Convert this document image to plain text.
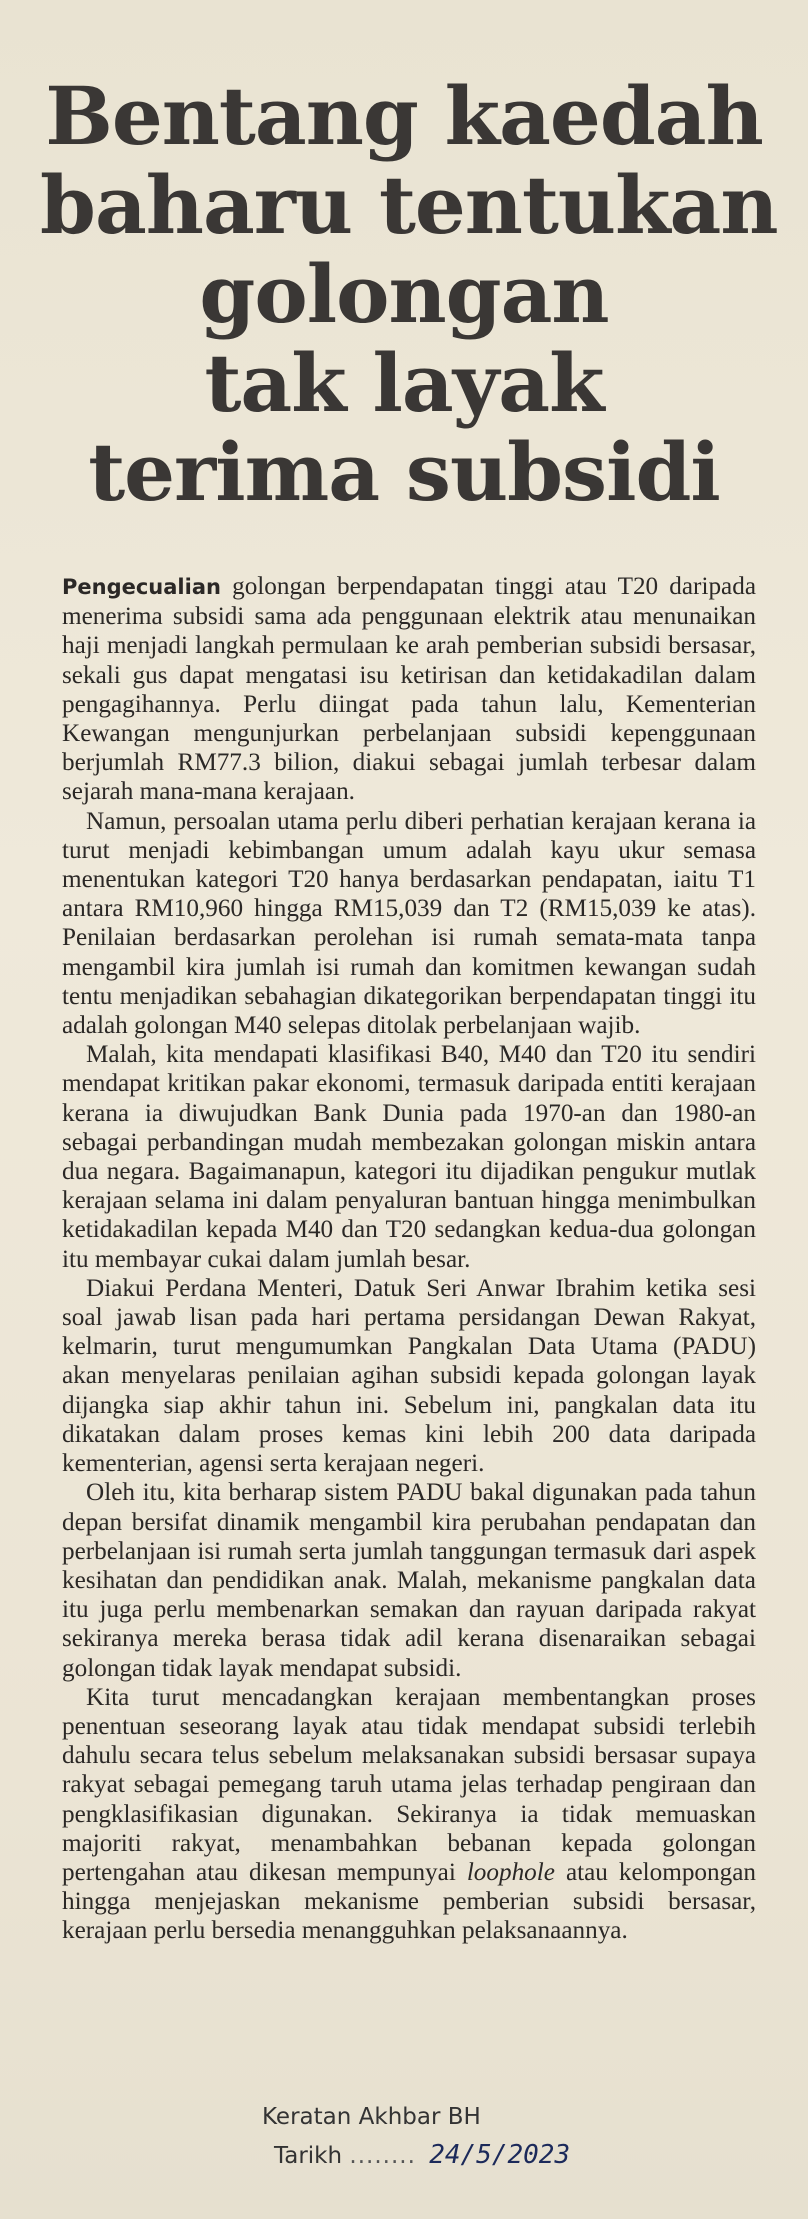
Bentang kaedah
baharu tentukan
golongan
tak layak
terima subsidi

Pengecualian golongan berpendapatan tinggi atau T20 daripada menerima subsidi sama ada penggunaan elektrik atau menunaikan haji menjadi langkah permulaan ke arah pemberian subsidi bersasar, sekali gus dapat mengatasi isu ketirisan dan ketidakadilan dalam pengagihannya. Perlu diingat pada tahun lalu, Kementerian Kewangan mengunjurkan perbelanjaan subsidi kepenggunaan berjumlah RM77.3 bilion, diakui sebagai jumlah terbesar dalam sejarah mana-mana kerajaan.

Namun, persoalan utama perlu diberi perhatian kerajaan kerana ia turut menjadi kebimbangan umum adalah kayu ukur semasa menentukan kategori T20 hanya berdasarkan pendapatan, iaitu T1 antara RM10,960 hingga RM15,039 dan T2 (RM15,039 ke atas). Penilaian berdasarkan perolehan isi rumah semata-mata tanpa mengambil kira jumlah isi rumah dan komitmen kewangan sudah tentu menjadikan sebahagian dikategorikan berpendapatan tinggi itu adalah golongan M40 selepas ditolak perbelanjaan wajib.

Malah, kita mendapati klasifikasi B40, M40 dan T20 itu sendiri mendapat kritikan pakar ekonomi, termasuk daripada entiti kerajaan kerana ia diwujudkan Bank Dunia pada 1970-an dan 1980-an sebagai perbandingan mudah membezakan golongan miskin antara dua negara. Bagaimanapun, kategori itu dijadikan pengukur mutlak kerajaan selama ini dalam penyaluran bantuan hingga menimbulkan ketidakadilan kepada M40 dan T20 sedangkan kedua-dua golongan itu membayar cukai dalam jumlah besar.

Diakui Perdana Menteri, Datuk Seri Anwar Ibrahim ketika sesi soal jawab lisan pada hari pertama persidangan Dewan Rakyat, kelmarin, turut mengumumkan Pangkalan Data Utama (PADU) akan menyelaras penilaian agihan subsidi kepada golongan layak dijangka siap akhir tahun ini. Sebelum ini, pangkalan data itu dikatakan dalam proses kemas kini lebih 200 data daripada kementerian, agensi serta kerajaan negeri.

Oleh itu, kita berharap sistem PADU bakal digunakan pada tahun depan bersifat dinamik mengambil kira perubahan pendapatan dan perbelanjaan isi rumah serta jumlah tanggungan termasuk dari aspek kesihatan dan pendidikan anak. Malah, mekanisme pangkalan data itu juga perlu membenarkan semakan dan rayuan daripada rakyat sekiranya mereka berasa tidak adil kerana disenaraikan sebagai golongan tidak layak mendapat subsidi.

Kita turut mencadangkan kerajaan membentangkan proses penentuan seseorang layak atau tidak mendapat subsidi terlebih dahulu secara telus sebelum melaksanakan subsidi bersasar supaya rakyat sebagai pemegang taruh utama jelas terhadap pengiraan dan pengklasifikasian digunakan. Sekiranya ia tidak memuaskan majoriti rakyat, menambahkan bebanan kepada golongan pertengahan atau dikesan mempunyai loophole atau kelompongan hingga menjejaskan mekanisme pemberian subsidi bersasar, kerajaan perlu bersedia menangguhkan pelaksanaannya.

Keratan Akhbar BH
Tarikh ........ 24/5/2023
